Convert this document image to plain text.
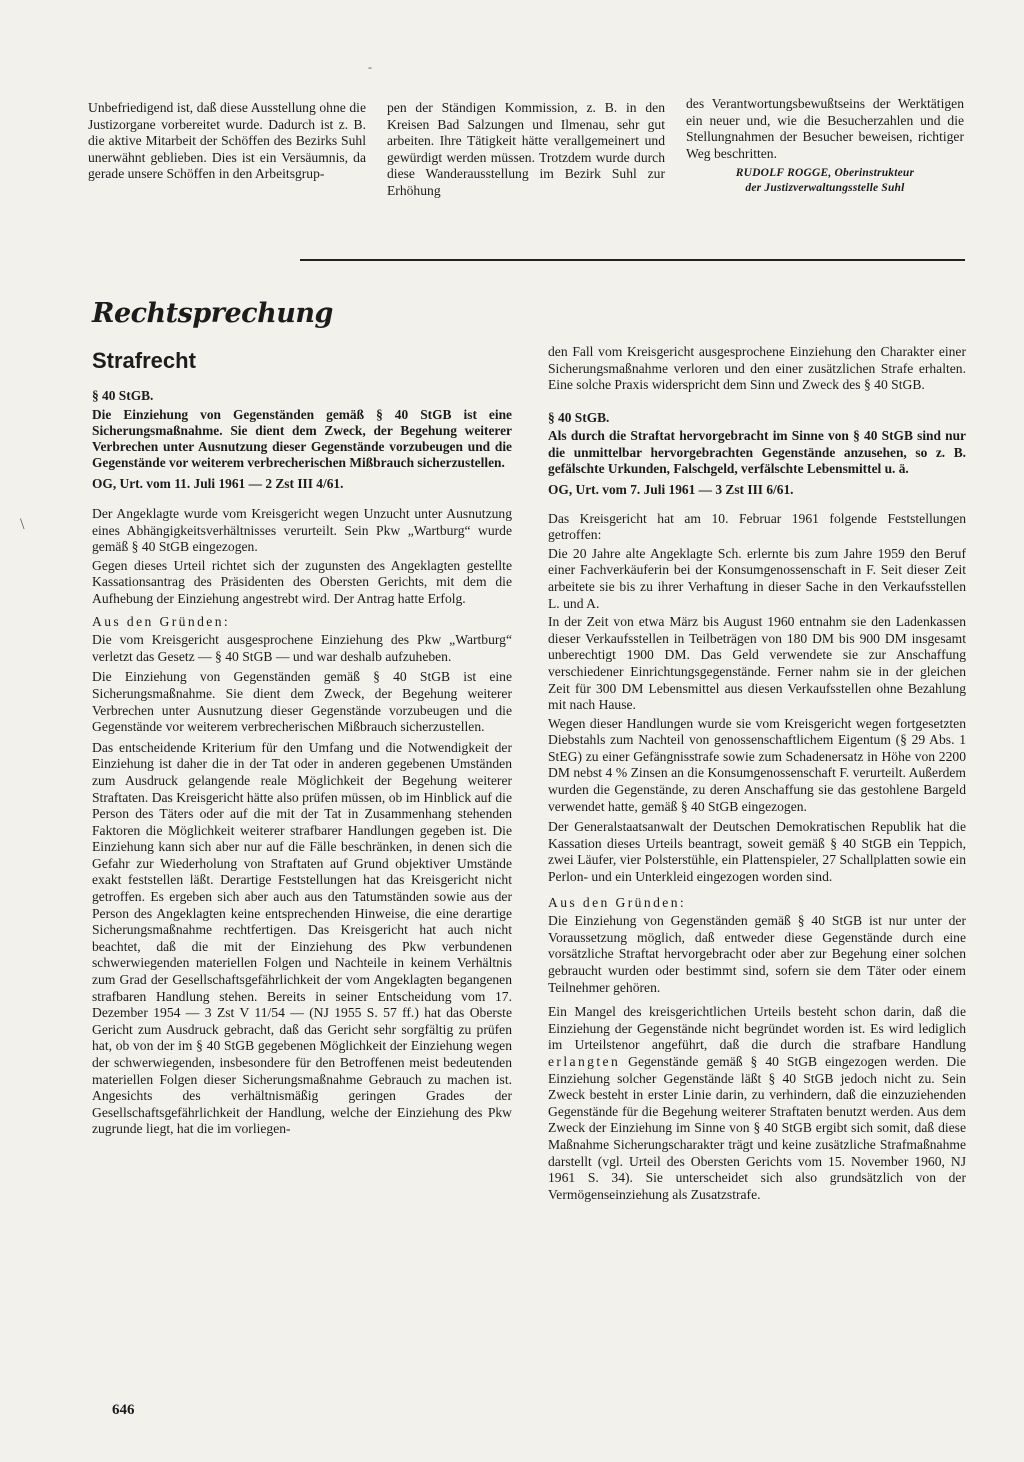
-
\

Unbefriedigend ist, daß diese Ausstellung ohne die Justizorgane vorbereitet wurde. Dadurch ist z. B. die aktive Mitarbeit der Schöffen des Bezirks Suhl unerwähnt geblieben. Dies ist ein Versäumnis, da gerade unsere Schöffen in den Arbeitsgrup-

pen der Ständigen Kommission, z. B. in den Kreisen Bad Salzungen und Ilmenau, sehr gut arbeiten. Ihre Tätigkeit hätte verallgemeinert und gewürdigt werden müssen. Trotzdem wurde durch diese Wanderausstellung im Bezirk Suhl zur Erhöhung

des Verantwortungsbewußtseins der Werktätigen ein neuer und, wie die Besucherzahlen und die Stellungnahmen der Besucher beweisen, richtiger Weg beschritten.

RUDOLF ROGGE, Oberinstrukteur
der Justizverwaltungsstelle Suhl

Rechtsprechung
Strafrecht

§ 40 StGB.

Die Einziehung von Gegenständen gemäß § 40 StGB ist eine Sicherungsmaßnahme. Sie dient dem Zweck, der Begehung weiterer Verbrechen unter Ausnutzung dieser Gegenstände vorzubeugen und die Gegenstände vor weiterem verbrecherischen Mißbrauch sicherzustellen.

OG, Urt. vom 11. Juli 1961 — 2 Zst III 4/61.

Der Angeklagte wurde vom Kreisgericht wegen Unzucht unter Ausnutzung eines Abhängigkeitsverhältnisses verurteilt. Sein Pkw „Wartburg“ wurde gemäß § 40 StGB eingezogen.

Gegen dieses Urteil richtet sich der zugunsten des Angeklagten gestellte Kassationsantrag des Präsidenten des Obersten Gerichts, mit dem die Aufhebung der Einziehung angestrebt wird. Der Antrag hatte Erfolg.

Aus den Gründen:

Die vom Kreisgericht ausgesprochene Einziehung des Pkw „Wartburg“ verletzt das Gesetz — § 40 StGB — und war deshalb aufzuheben.

Die Einziehung von Gegenständen gemäß § 40 StGB ist eine Sicherungsmaßnahme. Sie dient dem Zweck, der Begehung weiterer Verbrechen unter Ausnutzung dieser Gegenstände vorzubeugen und die Gegenstände vor weiterem verbrecherischen Mißbrauch sicherzustellen.

Das entscheidende Kriterium für den Umfang und die Notwendigkeit der Einziehung ist daher die in der Tat oder in anderen gegebenen Umständen zum Ausdruck gelangende reale Möglichkeit der Begehung weiterer Straftaten. Das Kreisgericht hätte also prüfen müssen, ob im Hinblick auf die Person des Täters oder auf die mit der Tat in Zusammenhang stehenden Faktoren die Möglichkeit weiterer strafbarer Handlungen gegeben ist. Die Einziehung kann sich aber nur auf die Fälle beschränken, in denen sich die Gefahr zur Wiederholung von Straftaten auf Grund objektiver Umstände exakt feststellen läßt. Derartige Feststellungen hat das Kreisgericht nicht getroffen. Es ergeben sich aber auch aus den Tatumständen sowie aus der Person des Angeklagten keine entsprechenden Hinweise, die eine derartige Sicherungsmaßnahme rechtfertigen. Das Kreisgericht hat auch nicht beachtet, daß die mit der Einziehung des Pkw verbundenen schwerwiegenden materiellen Folgen und Nachteile in keinem Verhältnis zum Grad der Gesellschaftsgefährlichkeit der vom Angeklagten begangenen strafbaren Handlung stehen. Bereits in seiner Entscheidung vom 17. Dezember 1954 — 3 Zst V 11/54 — (NJ 1955 S. 57 ff.) hat das Oberste Gericht zum Ausdruck gebracht, daß das Gericht sehr sorgfältig zu prüfen hat, ob von der im § 40 StGB gegebenen Möglichkeit der Einziehung wegen der schwerwiegenden, insbesondere für den Betroffenen meist bedeutenden materiellen Folgen dieser Sicherungsmaßnahme Gebrauch zu machen ist. Angesichts des verhältnismäßig geringen Grades der Gesellschaftsgefährlichkeit der Handlung, welche der Einziehung des Pkw zugrunde liegt, hat die im vorliegen-

den Fall vom Kreisgericht ausgesprochene Einziehung den Charakter einer Sicherungsmaßnahme verloren und den einer zusätzlichen Strafe erhalten. Eine solche Praxis widerspricht dem Sinn und Zweck des § 40 StGB.

§ 40 StGB.

Als durch die Straftat hervorgebracht im Sinne von § 40 StGB sind nur die unmittelbar hervorgebrachten Gegenstände anzusehen, so z. B. gefälschte Urkunden, Falschgeld, verfälschte Lebensmittel u. ä.

OG, Urt. vom 7. Juli 1961 — 3 Zst III 6/61.

Das Kreisgericht hat am 10. Februar 1961 folgende Feststellungen getroffen:

Die 20 Jahre alte Angeklagte Sch. erlernte bis zum Jahre 1959 den Beruf einer Fachverkäuferin bei der Konsumgenossenschaft in F. Seit dieser Zeit arbeitete sie bis zu ihrer Verhaftung in dieser Sache in den Verkaufsstellen L. und A.

In der Zeit von etwa März bis August 1960 entnahm sie den Ladenkassen dieser Verkaufsstellen in Teilbeträgen von 180 DM bis 900 DM insgesamt unberechtigt 1900 DM. Das Geld verwendete sie zur Anschaffung verschiedener Einrichtungsgegenstände. Ferner nahm sie in der gleichen Zeit für 300 DM Lebensmittel aus diesen Verkaufsstellen ohne Bezahlung mit nach Hause.

Wegen dieser Handlungen wurde sie vom Kreisgericht wegen fortgesetzten Diebstahls zum Nachteil von genossenschaftlichem Eigentum (§ 29 Abs. 1 StEG) zu einer Gefängnisstrafe sowie zum Schadenersatz in Höhe von 2200 DM nebst 4 % Zinsen an die Konsumgenossenschaft F. verurteilt. Außerdem wurden die Gegenstände, zu deren Anschaffung sie das gestohlene Bargeld verwendet hatte, gemäß § 40 StGB eingezogen.

Der Generalstaatsanwalt der Deutschen Demokratischen Republik hat die Kassation dieses Urteils beantragt, soweit gemäß § 40 StGB ein Teppich, zwei Läufer, vier Polsterstühle, ein Plattenspieler, 27 Schallplatten sowie ein Perlon- und ein Unterkleid eingezogen worden sind.

Aus den Gründen:

Die Einziehung von Gegenständen gemäß § 40 StGB ist nur unter der Voraussetzung möglich, daß entweder diese Gegenstände durch eine vorsätzliche Straftat hervorgebracht oder aber zur Begehung einer solchen gebraucht wurden oder bestimmt sind, sofern sie dem Täter oder einem Teilnehmer gehören.

Ein Mangel des kreisgerichtlichen Urteils besteht schon darin, daß die Einziehung der Gegenstände nicht begründet worden ist. Es wird lediglich im Urteilstenor angeführt, daß die durch die strafbare Handlung erlangten Gegenstände gemäß § 40 StGB eingezogen werden. Die Einziehung solcher Gegenstände läßt § 40 StGB jedoch nicht zu. Sein Zweck besteht in erster Linie darin, zu verhindern, daß die einzuziehenden Gegenstände für die Begehung weiterer Straftaten benutzt werden. Aus dem Zweck der Einziehung im Sinne von § 40 StGB ergibt sich somit, daß diese Maßnahme Sicherungscharakter trägt und keine zusätzliche Strafmaßnahme darstellt (vgl. Urteil des Obersten Gerichts vom 15. November 1960, NJ 1961 S. 34). Sie unterscheidet sich also grundsätzlich von der Vermögenseinziehung als Zusatzstrafe.

646
